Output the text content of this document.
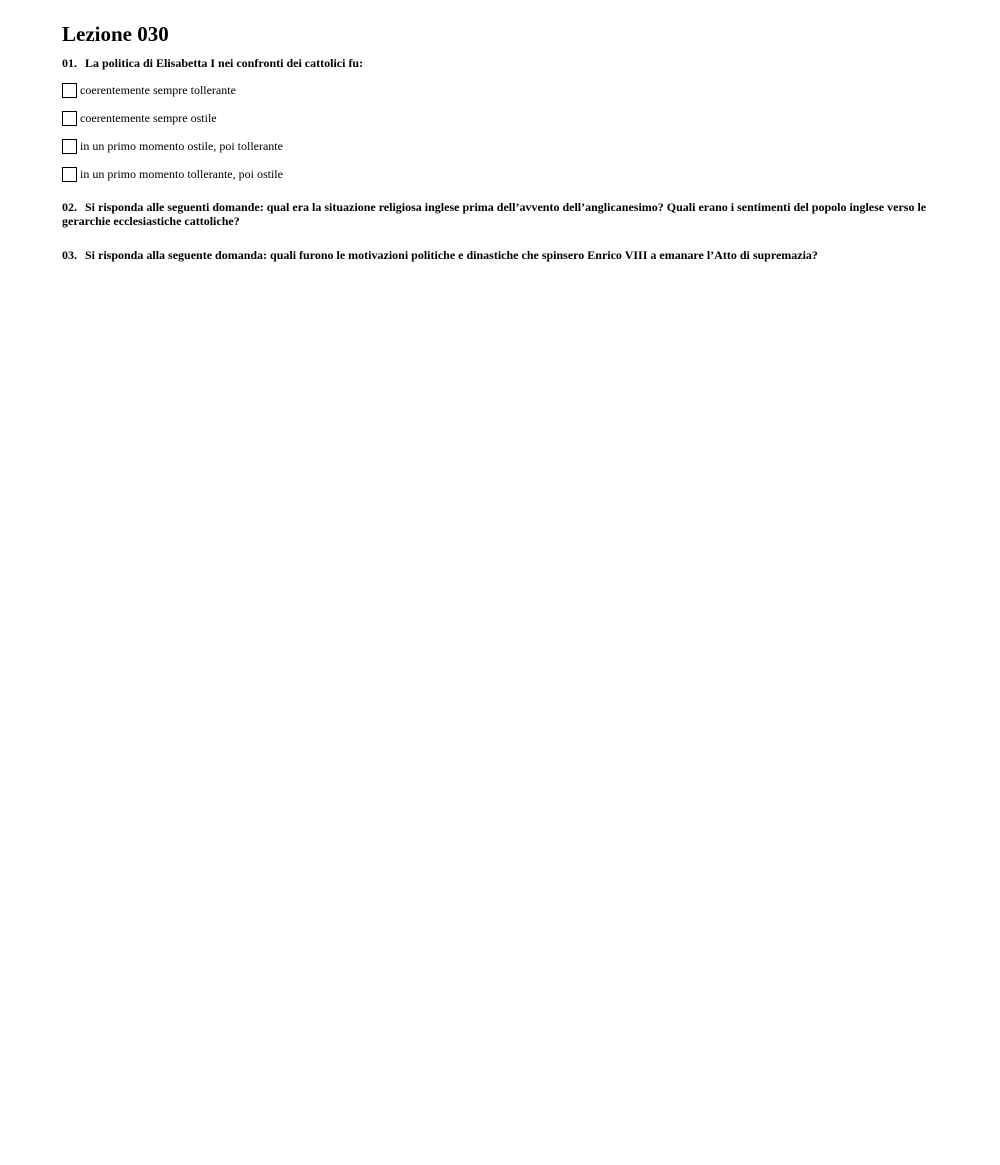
Lezione 030
01. La politica di Elisabetta I nei confronti dei cattolici fu:
coerentemente sempre tollerante
coerentemente sempre ostile
in un primo momento ostile, poi tollerante
in un primo momento tollerante, poi ostile
02. Si risponda alle seguenti domande: qual era la situazione religiosa inglese prima dell’avvento dell’anglicanesimo? Quali erano i sentimenti del popolo inglese verso le gerarchie ecclesiastiche cattoliche?
03. Si risponda alla seguente domanda: quali furono le motivazioni politiche e dinastiche che spinsero Enrico VIII a emanare l’Atto di supremazia?
